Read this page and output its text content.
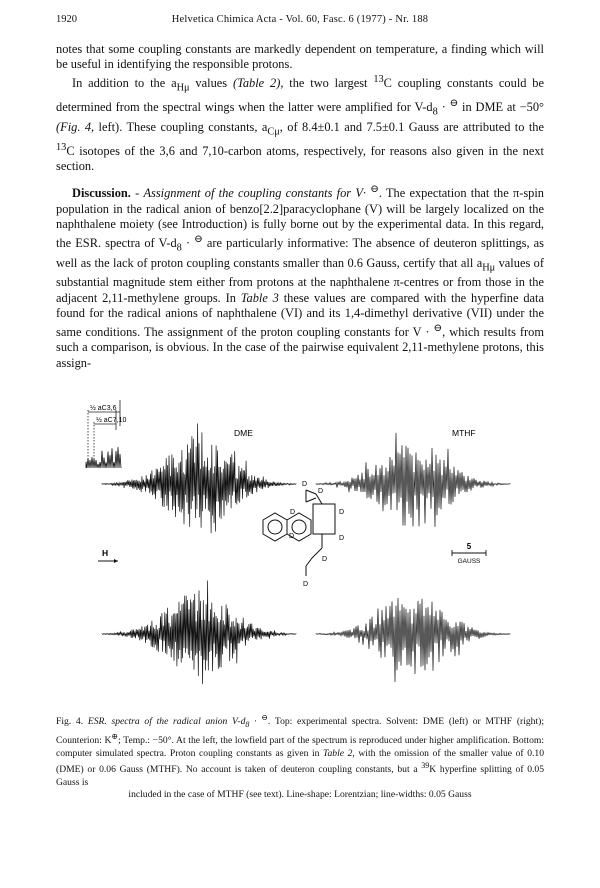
1920	Helvetica Chimica Acta - Vol. 60, Fasc. 6 (1977) - Nr. 188

notes that some coupling constants are markedly dependent on temperature, a finding which will be useful in identifying the responsible protons.

In addition to the $a_{H\mu}$ values (Table 2), the two largest $^{13}$C coupling constants could be determined from the spectral wings when the latter were amplified for $V-d_8 \cdot ^⊖$ in DME at −50° (Fig. 4, left). These coupling constants, $a_{C\mu}$, of 8.4±0.1 and 7.5±0.1 Gauss are attributed to the $^{13}$C isotopes of the 3,6 and 7,10-carbon atoms, respectively, for reasons also given in the next section.

Discussion. - Assignment of the coupling constants for V· ⊖. The expectation that the π-spin population in the radical anion of benzo[2.2]paracyclophane (V) will be largely localized on the naphthalene moiety (see Introduction) is fully borne out by the experimental data. In this regard, the ESR. spectra of $V-d_8 \cdot ^⊖$ are particularly informative: The absence of deuteron splittings, as well as the lack of proton coupling constants smaller than 0.6 Gauss, certify that all $a_{H\mu}$ values of substantial magnitude stem either from protons at the naphthalene π-centres or from those in the adjacent 2,11-methylene groups. In Table 3 these values are compared with the hyperfine data found for the radical anions of naphthalene (VI) and its 1,4-dimethyl derivative (VII) under the same conditions. The assignment of the proton coupling constants for V · ⊖, which results from such a comparison, is obvious. In the case of the pairwise equivalent 2,11-methylene protons, this assign-

½ aC3,6
½ aC7,10
DME	MTHF
H
5
GAUSS
D
D
D	D
D	D
D
D
Fig. 4. ESR. spectra of the radical anion $V-d_8 \cdot ^⊖$. Top: experimental spectra. Solvent: DME (left) or MTHF (right); Counterion: K⊕; Temp.: −50°. At the left, the lowfield part of the spectrum is reproduced under higher amplification. Bottom: computer simulated spectra. Proton coupling constants as given in Table 2, with the omission of the smaller value of 0.10 (DME) or 0.06 Gauss (MTHF). No account is taken of deuteron coupling constants, but a $^{39}$K hyperfine splitting of 0.05 Gauss is
included in the case of MTHF (see text). Line-shape: Lorentzian; line-widths: 0.05 Gauss
